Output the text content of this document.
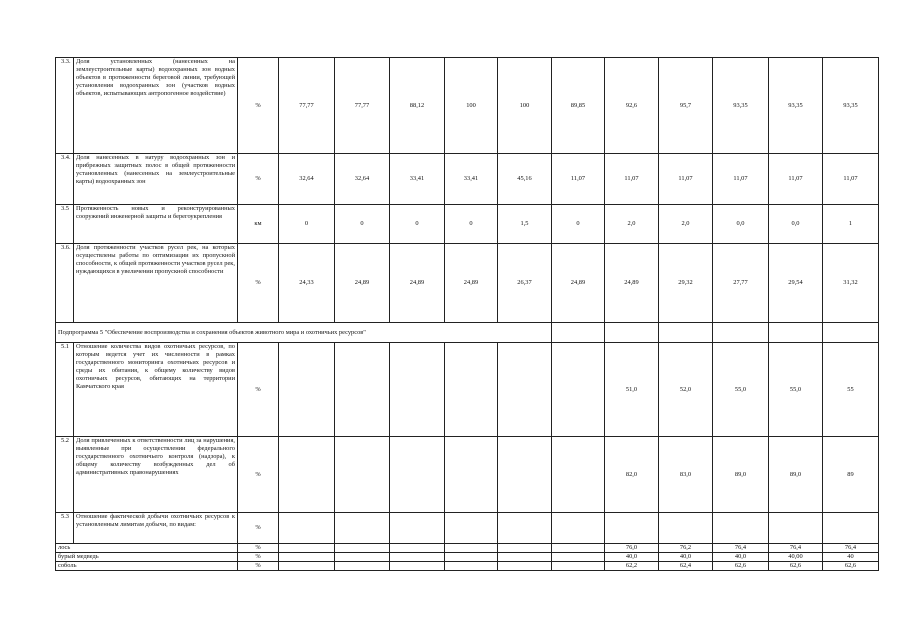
3.3.	Доля установленных (нанесенных на землеустроительные карты) водоохранных зон водных объектов в протяженности береговой линии, требующей установления водоохранных зон (участков водных объектов, испытывающих антропогенное воздействие)	%	77,77	77,77	88,12	100	100	89,85	92,6	95,7	93,35	93,35	93,35
3.4.	Доля нанесенных в натуру водоохранных зон и прибрежных защитных полос в общей протяженности установленных (нанесенных на землеустроительные карты) водоохранных зон	%	32,64	32,64	33,41	33,41	45,16	11,07	11,07	11,07	11,07	11,07	11,07
3.5	Протяженность новых и реконструированных сооружений инженерной защиты и берегоукрепления	км	0	0	0	0	1,5	0	2,0	2,0	0,0	0,0	1
3.6.	Доля протяженности участков русел рек, на которых осуществлены работы по оптимизации их пропускной способности, к общей протяженности участков русел рек, нуждающихся в увеличении пропускной способности	%	24,33	24,89	24,89	24,89	26,37	24,89	24,89	29,32	27,77	29,54	31,32
Подпрограмма 5 "Обеспечение воспроизводства и сохранения объектов животного мира и охотничьих ресурсов"													
5.1	Отношение количества видов охотничьих ресурсов, по которым ведется учет их численности в рамках государственного мониторинга охотничьих ресурсов и среды их обитания, к общему количеству видов охотничьих ресурсов, обитающих на территории Камчатского края	%							51,0	52,0	55,0	55,0	55
5.2	Доля привлеченных к ответственности лиц за нарушения, выявленные при осуществлении федерального государственного охотничьего контроля (надзора), к общему количеству возбужденных дел об административных правонарушениях	%							82,0	83,0	89,0	89,0	89
5.3	Отношение фактической добычи охотничьих ресурсов к установленным лимитам добычи, по видам:	%											
лось		%							76,0	76,2	76,4	76,4	76,4
бурый медведь		%							40,0	40,0	40,0	40,00	40
соболь		%							62,2	62,4	62,6	62,6	62,6
